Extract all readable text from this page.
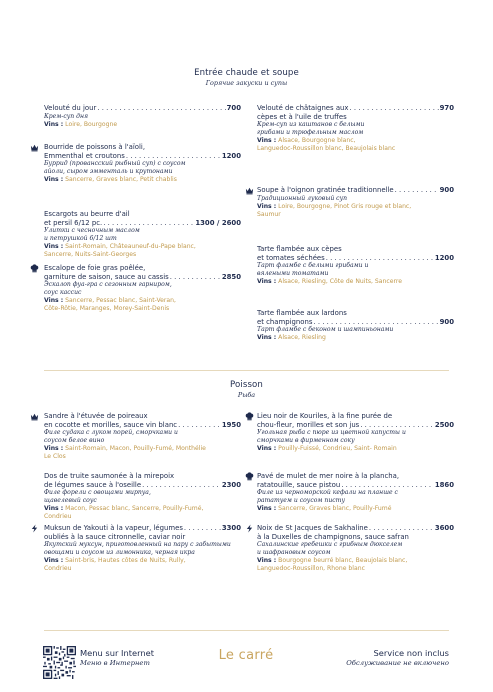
Entrée chaude et soupe
Горячие закуски и супы
Velouté du jour . . .	700
Крем-суп дня
Vins : Loire, Bourgogne
Bourride de poissons à l'aïoli,
Emmenthal et croutons . . .	1200
Буррид (провансский рыбный суп) с соусом
айоли, сыром эмменталь и крутонами
Vins : Sancerre, Graves blanc, Petit chablis
Escargots au beurre d'ail
et persil 6/12 pc. . . .	1300 / 2600
Улитки с чесночным маслом
и петрушкой 6/12 шт
Vins : Saint-Romain, Châteauneuf-du-Pape blanc,
Sancerre, Nuits-Saint-Georges
Escalope de foie gras poêlée,
garniture de saison, sauce au cassis . . .	2850
Эскалоп фуа-гра с сезонным гарниром,
соус кассис
Vins : Sancerre, Pessac blanc, Saint-Veran,
Côte-Rôtie, Maranges, Morey-Saint-Denis
Velouté de châtaignes aux . . .	970
cèpes et à l'uile de truffes
Крем-суп из каштанов с белыми
грибами и трюфельным маслом
Vins : Alsace, Bourgogne blanc,
Languedoc-Roussillon blanc, Beaujolais blanc
Soupe à l'oignon gratinée traditionnelle . . .	900
Традиционный луковый суп
Vins : Loire, Bourgogne, Pinot Gris rouge et blanc,
Saumur
Tarte flambée aux cèpes
et tomates séchées . . .	1200
Тарт фламбе с белыми грибами и
вялеными томатами
Vins : Alsace, Riesling, Côte de Nuits, Sancerre
Tarte flambée aux lardons
et champignons . . .	900
Тарт фламбе с беконом и шампиньонами
Vins : Alsace, Riesling
Poisson
Рыба
Sandre à l'étuvée de poireaux
en cocotte et morilles, sauce vin blanc . . .	1950
Филе судака с луком порей, сморчками и
соусом белое вино
Vins : Saint-Romain, Macon, Pouilly-Fumé, Monthélie
Le Clos
Dos de truite saumonée à la mirepoix
de légumes sauce à l'oseille . . .	2300
Филе форели с овощами мирпуа,
щавелевый соус
Vins : Macon, Pessac blanc, Sancerre, Pouilly-Fumé,
Condrieu
Muksun de Yakouti à la vapeur, légumes . . .	3300
oubliés à la sauce citronnelle, caviar noir
Якутский муксун, приготовленный на пару с забытыми
овощами и соусом из лимонника, черная икра
Vins : Saint-bris, Hautes côtes de Nuits, Rully,
Condrieu
Lieu noir de Kouriles, à la fine purée de
chou-fleur, morilles et son jus . . .	2500
Угольная рыба с пюре из цветной капусты и
сморчками в фирменном соку
Vins : Pouilly-Fuissé, Condrieu, Saint- Romain
Pavé de mulet de mer noire à la plancha,
ratatouille, sauce pistou . . .	1860
Филе из черноморской кефали на планше с
рататуем и соусом писту
Vins : Sancerre, Graves blanc, Pouilly-Fumé
Noix de St Jacques de Sakhaline . . .	3600
à la Duxelles de champignons, sauce safran
Сахалинские гребешки с грибным дюкселем
и шафрановым соусом
Vins : Bourgogne beurré blanc, Beaujolais blanc,
Languedoc-Roussillon, Rhone blanc
Menu sur Internet
Меню в Интернет	Le carré	Service non inclus
Обслуживание не включено
